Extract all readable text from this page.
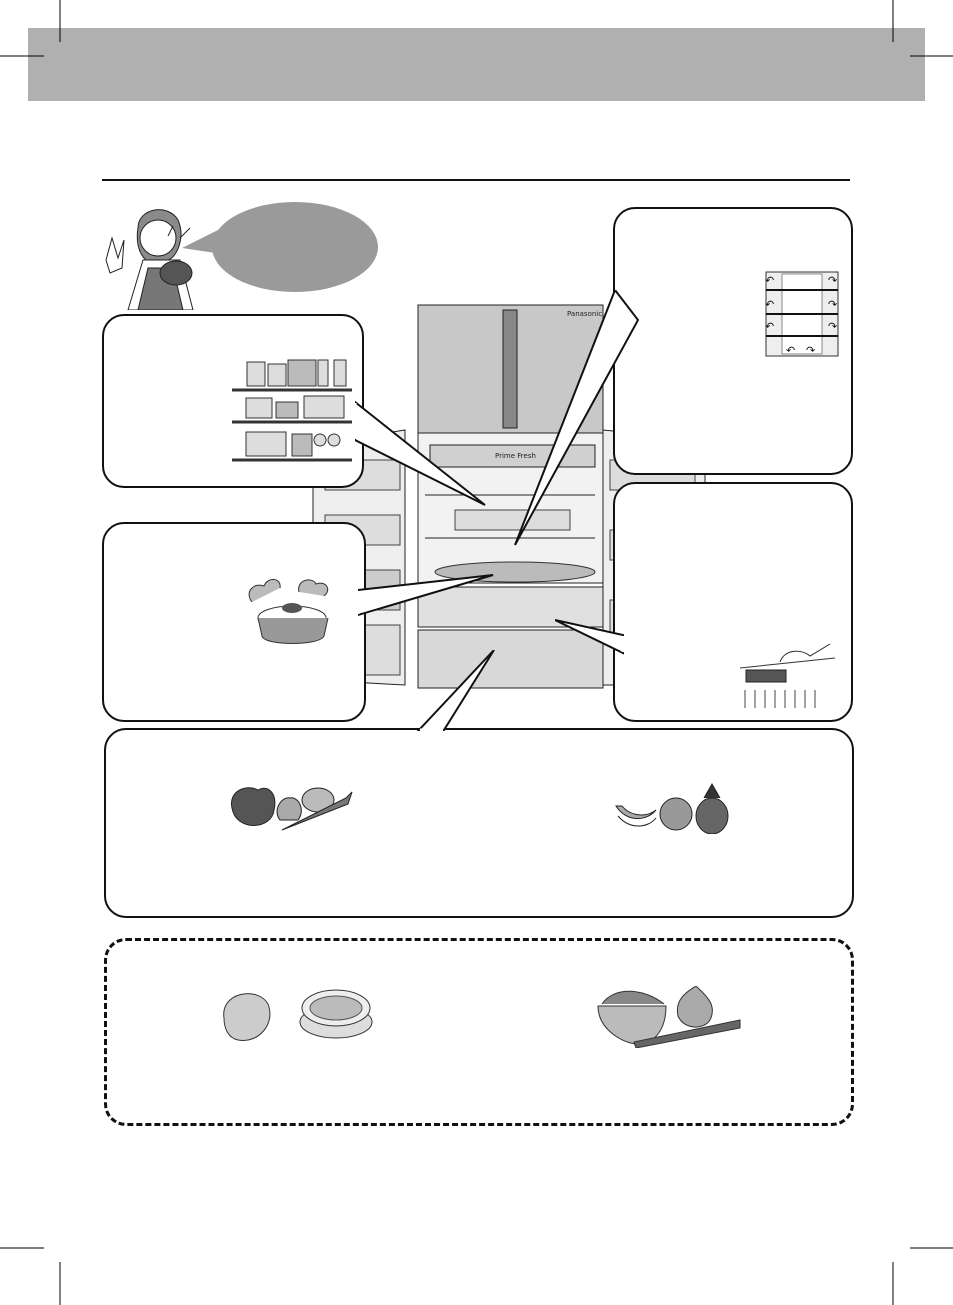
Panasonic
Prime Fresh
↶	↷
↶	↷
↶	↷
↶ ↷
